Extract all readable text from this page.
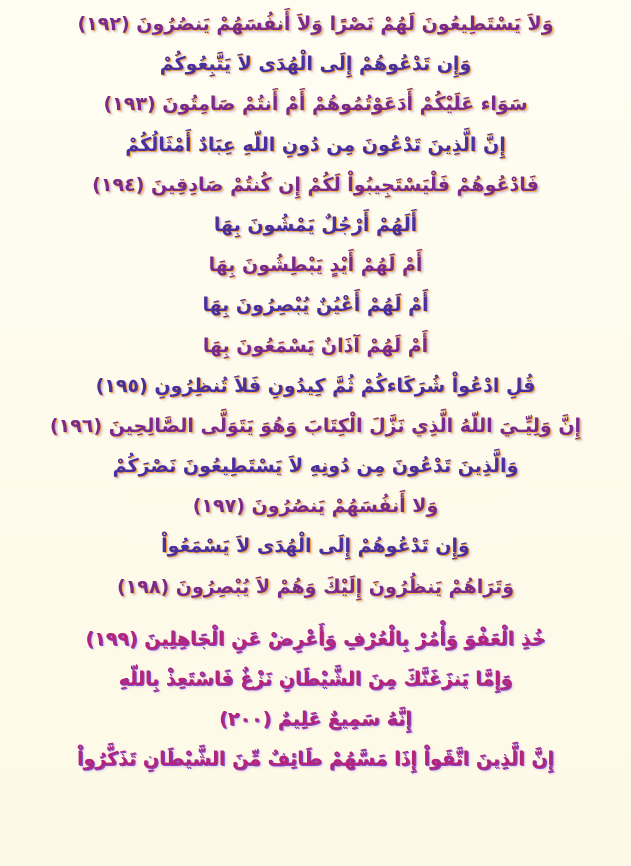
وَلاَ يَسْتَطِيعُونَ لَهُمْ نَصْرًا وَلاَ أَنفُسَهُمْ يَنصُرُونَ (١٩٢)
وَإِن تَدْعُوهُمْ إِلَى الْهُدَى لاَ يَتَّبِعُوكُمْ
سَوَاء عَلَيْكُمْ أَدَعَوْتُمُوهُمْ أَمْ أَنتُمْ صَامِتُونَ (١٩٣)
إِنَّ الَّذِينَ تَدْعُونَ مِن دُونِ اللّهِ عِبَادٌ أَمْثَالُكُمْ
فَادْعُوهُمْ فَلْيَسْتَجِيبُواْ لَكُمْ إِن كُنتُمْ صَادِقِينَ (١٩٤)
أَلَهُمْ أَرْجُلٌ يَمْشُونَ بِهَا
أَمْ لَهُمْ أَيْدٍ يَبْطِشُونَ بِهَا
أَمْ لَهُمْ أَعْيُنٌ يُبْصِرُونَ بِهَا
أَمْ لَهُمْ آذَانٌ يَسْمَعُونَ بِهَا
قُلِ ادْعُواْ شُرَكَاءكُمْ ثُمَّ كِيدُونِ فَلاَ تُنظِرُونِ (١٩٥)
إِنَّ وَلِيِّـيَ اللّهُ الَّذِي نَزَّلَ الْكِتَابَ وَهُوَ يَتَوَلَّى الصَّالِحِينَ (١٩٦)
وَالَّذِينَ تَدْعُونَ مِن دُونِهِ لاَ يَسْتَطِيعُونَ نَصْرَكُمْ
وَلا أَنفُسَهُمْ يَنصُرُونَ (١٩٧)
وَإِن تَدْعُوهُمْ إِلَى الْهُدَى لاَ يَسْمَعُواْ
وَتَرَاهُمْ يَنظُرُونَ إِلَيْكَ وَهُمْ لاَ يُبْصِرُونَ (١٩٨)
خُذِ الْعَفْوَ وَأْمُرْ بِالْعُرْفِ وَأَعْرِضْ عَنِ الْجَاهِلِينَ (١٩٩)
وَإِمَّا يَنزَغَنَّكَ مِنَ الشَّيْطَانِ نَزْغٌ فَاسْتَعِذْ بِاللّهِ
إِنَّهُ سَمِيعٌ عَلِيمٌ (٢٠٠)
إِنَّ الَّذِينَ اتَّقَواْ إِذَا مَسَّهُمْ طَائِفٌ مِّنَ الشَّيْطَانِ تَذَكَّرُواْ
